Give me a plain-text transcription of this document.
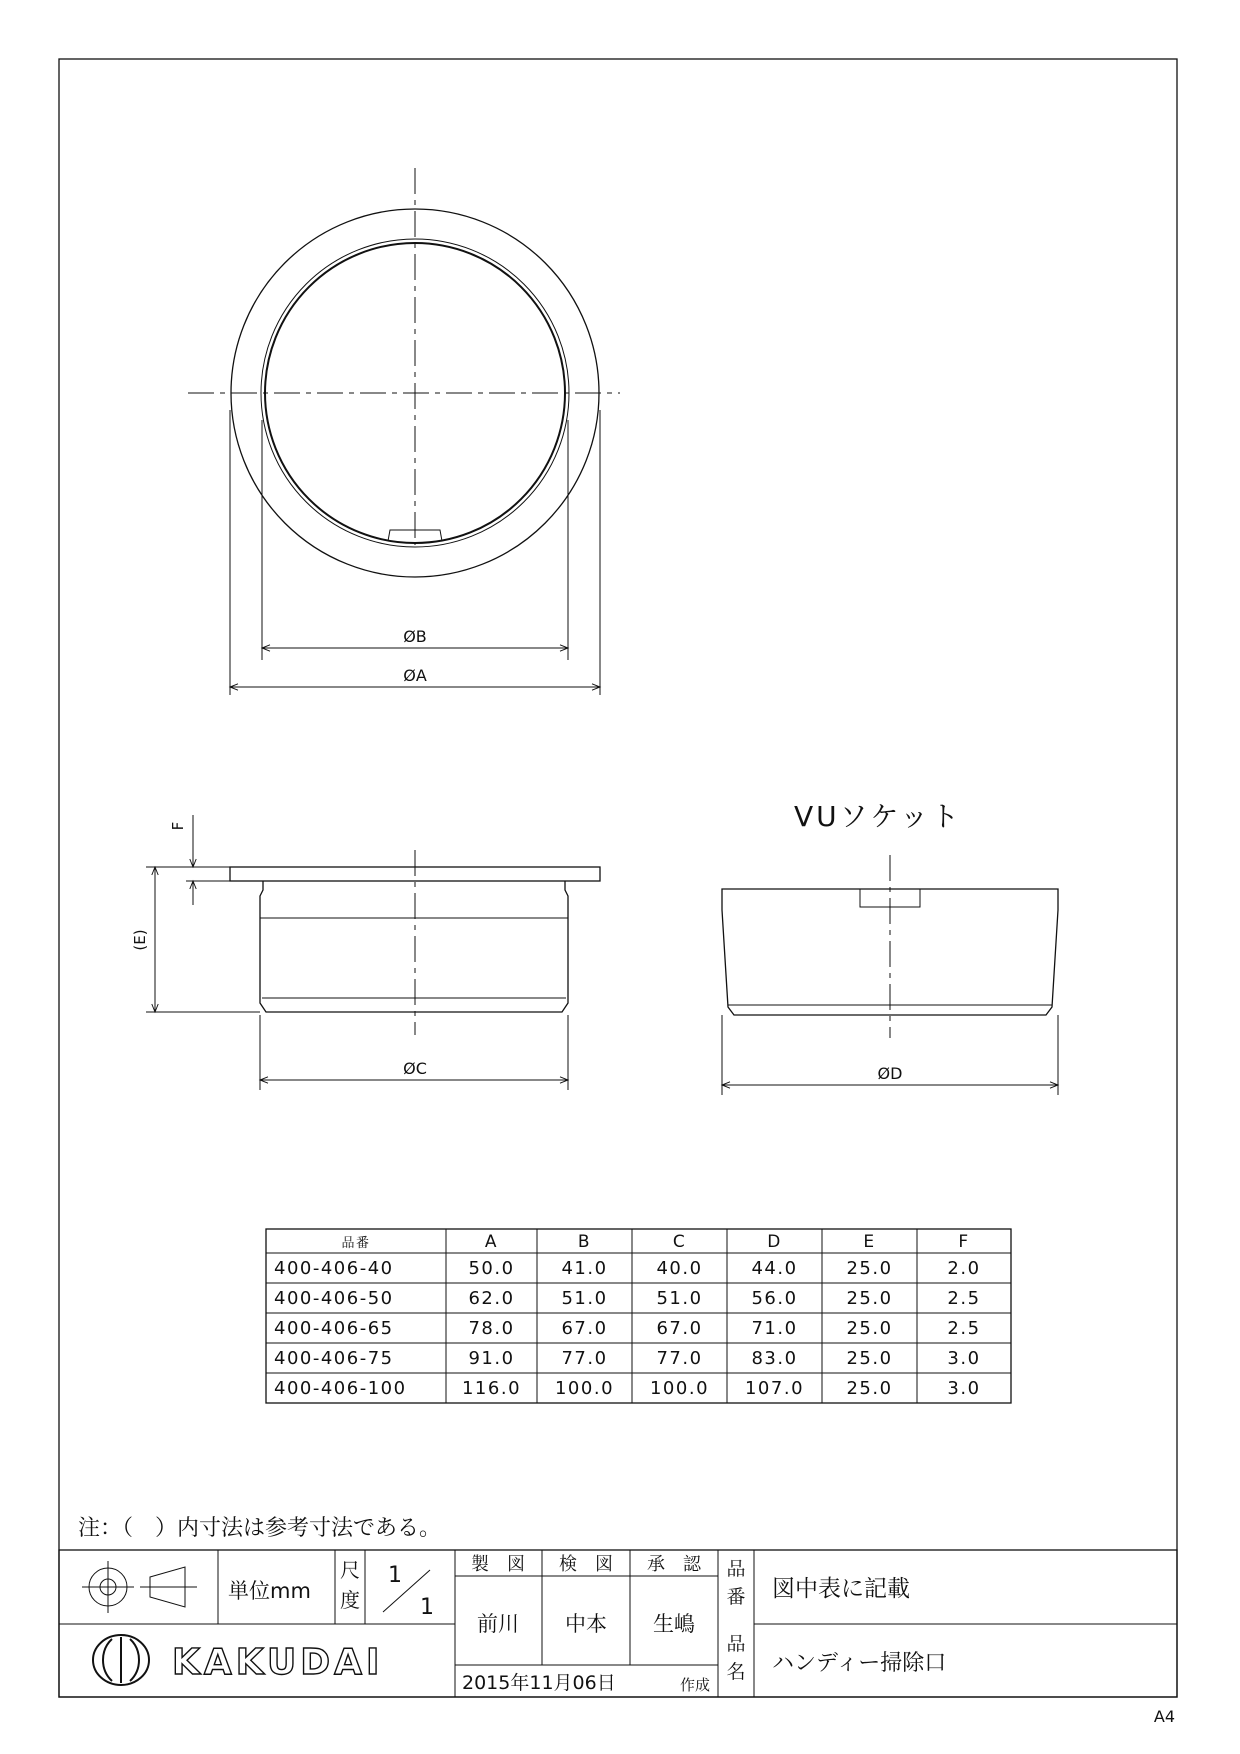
ØB
ØA
F
(E)
ØC
VUソケット
ØD
品番	A	B	C	D	E	F
400-406-40	50.0	41.0	40.0	44.0	25.0	2.0
400-406-50	62.0	51.0	51.0	56.0	25.0	2.5
400-406-65	78.0	67.0	67.0	71.0	25.0	2.5
400-406-75	91.0	77.0	77.0	83.0	25.0	3.0
400-406-100	116.0 100.0 100.0 107.0 25.0	3.0
注：（　）内寸法は参考寸法である。
単位mm
尺
度
1
1
製　図 検　図 承　認
前川 中本 生嶋
品
番 図中表に記載
品
名 ハンディー掃除口
2015年11月06日	作成
KAKUDAI
A4
